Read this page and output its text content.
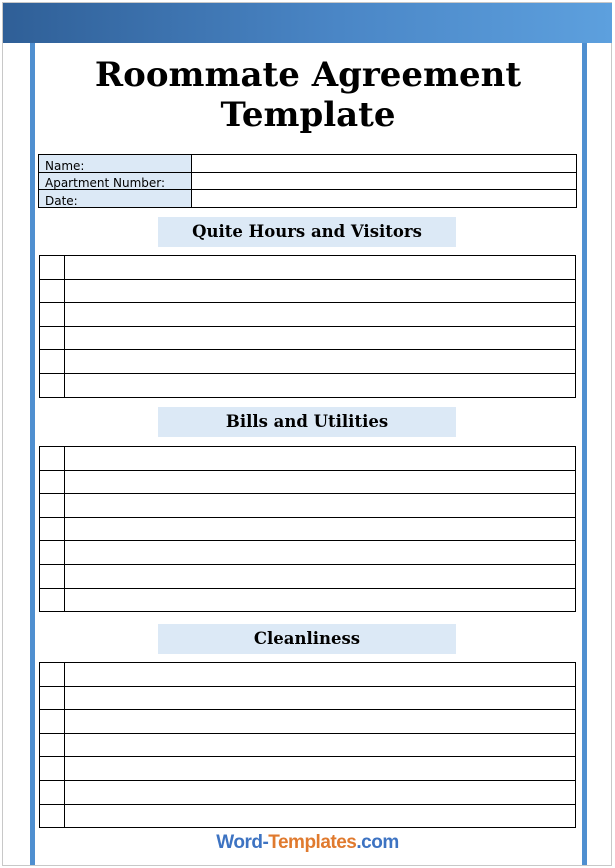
Roommate Agreement Template
Name:	
Apartment Number:	
Date:	
Quite Hours and Visitors

Bills and Utilities

Cleanliness

Word-Templates.com
